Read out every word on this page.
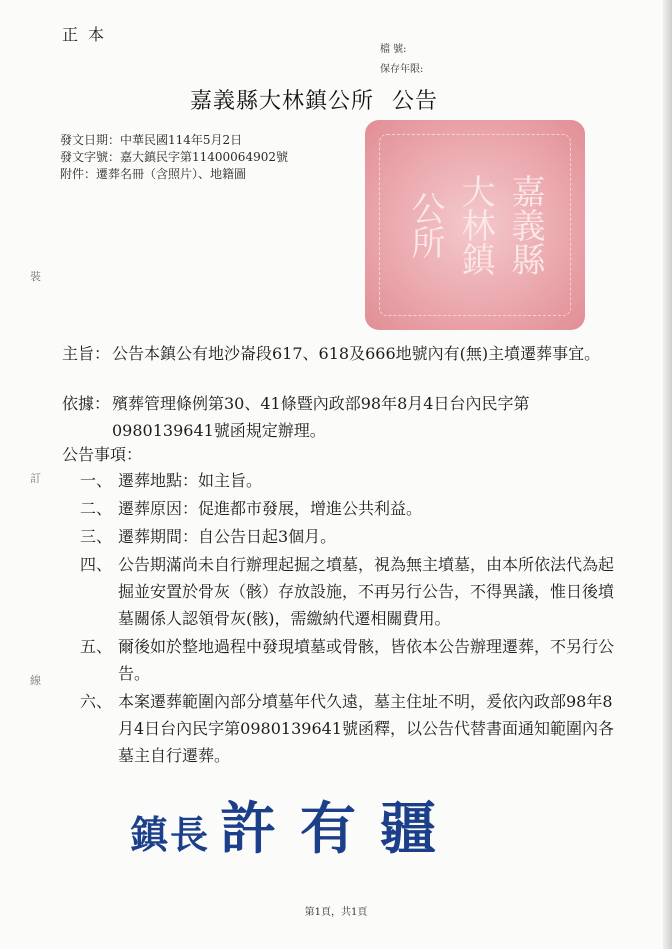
正本
檔 號:
保存年限:
嘉義縣大林鎮公所 公告
發文日期：中華民國114年5月2日
發文字號：嘉大鎮民字第11400064902號
附件：遷葬名冊（含照片）、地籍圖	嘉義縣
大林鎮
公所
主旨： 公告本鎮公有地沙崙段617、618及666地號內有(無)主墳遷葬事宜。
依據： 殯葬管理條例第30、41條暨內政部98年8月4日台內民字第0980139641號函規定辦理。
公告事項：
一、 遷葬地點：如主旨。
二、 遷葬原因：促進都市發展，增進公共利益。
三、 遷葬期間：自公告日起3個月。
四、 公告期滿尚未自行辦理起掘之墳墓，視為無主墳墓，由本所依法代為起掘並安置於骨灰（骸）存放設施，不再另行公告，不得異議，惟日後墳墓關係人認領骨灰(骸)，需繳納代遷相關費用。
五、 爾後如於整地過程中發現墳墓或骨骸，皆依本公告辦理遷葬，不另行公告。
六、 本案遷葬範圍內部分墳墓年代久遠，墓主住址不明，爰依內政部98年8月4日台內民字第0980139641號函釋，以公告代替書面通知範圍內各墓主自行遷葬。
裝
訂
線
鎮長 許有疆
第1頁，共1頁
